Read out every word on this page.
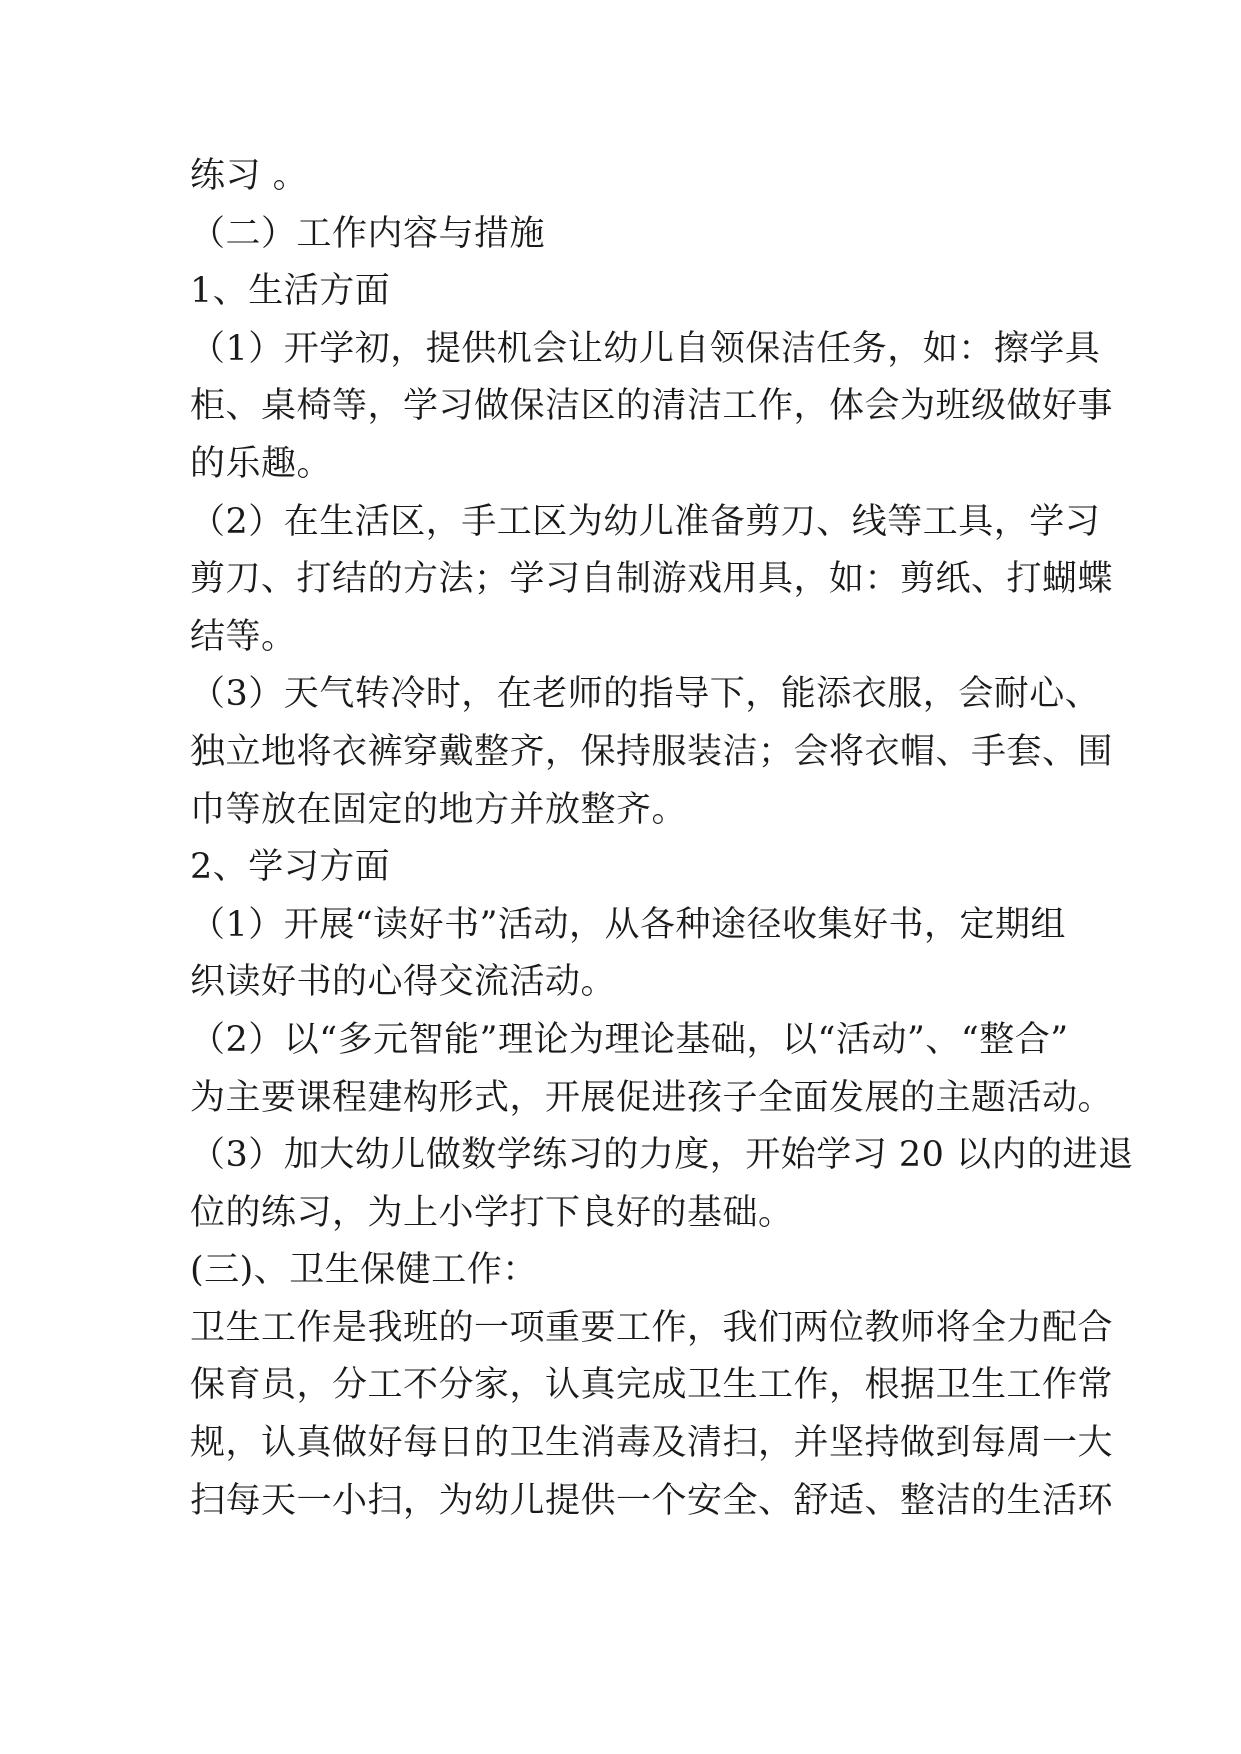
练习 。
（二）工作内容与措施
1、生活方面
（1）开学初，提供机会让幼儿自领保洁任务，如：擦学具
柜、桌椅等，学习做保洁区的清洁工作，体会为班级做好事
的乐趣。
（2）在生活区，手工区为幼儿准备剪刀、线等工具，学习
剪刀、打结的方法；学习自制游戏用具，如：剪纸、打蝴蝶
结等。
（3）天气转冷时，在老师的指导下，能添衣服，会耐心、
独立地将衣裤穿戴整齐，保持服装洁；会将衣帽、手套、围
巾等放在固定的地方并放整齐。
2、学习方面
（1）开展“读好书”活动，从各种途径收集好书，定期组
织读好书的心得交流活动。
（2）以“多元智能”理论为理论基础，以“活动”、“整合”
为主要课程建构形式，开展促进孩子全面发展的主题活动。
（3）加大幼儿做数学练习的力度，开始学习 20 以内的进退
位的练习，为上小学打下良好的基础。
(三)、卫生保健工作：
卫生工作是我班的一项重要工作，我们两位教师将全力配合
保育员，分工不分家，认真完成卫生工作，根据卫生工作常
规，认真做好每日的卫生消毒及清扫，并坚持做到每周一大
扫每天一小扫，为幼儿提供一个安全、舒适、整洁的生活环
